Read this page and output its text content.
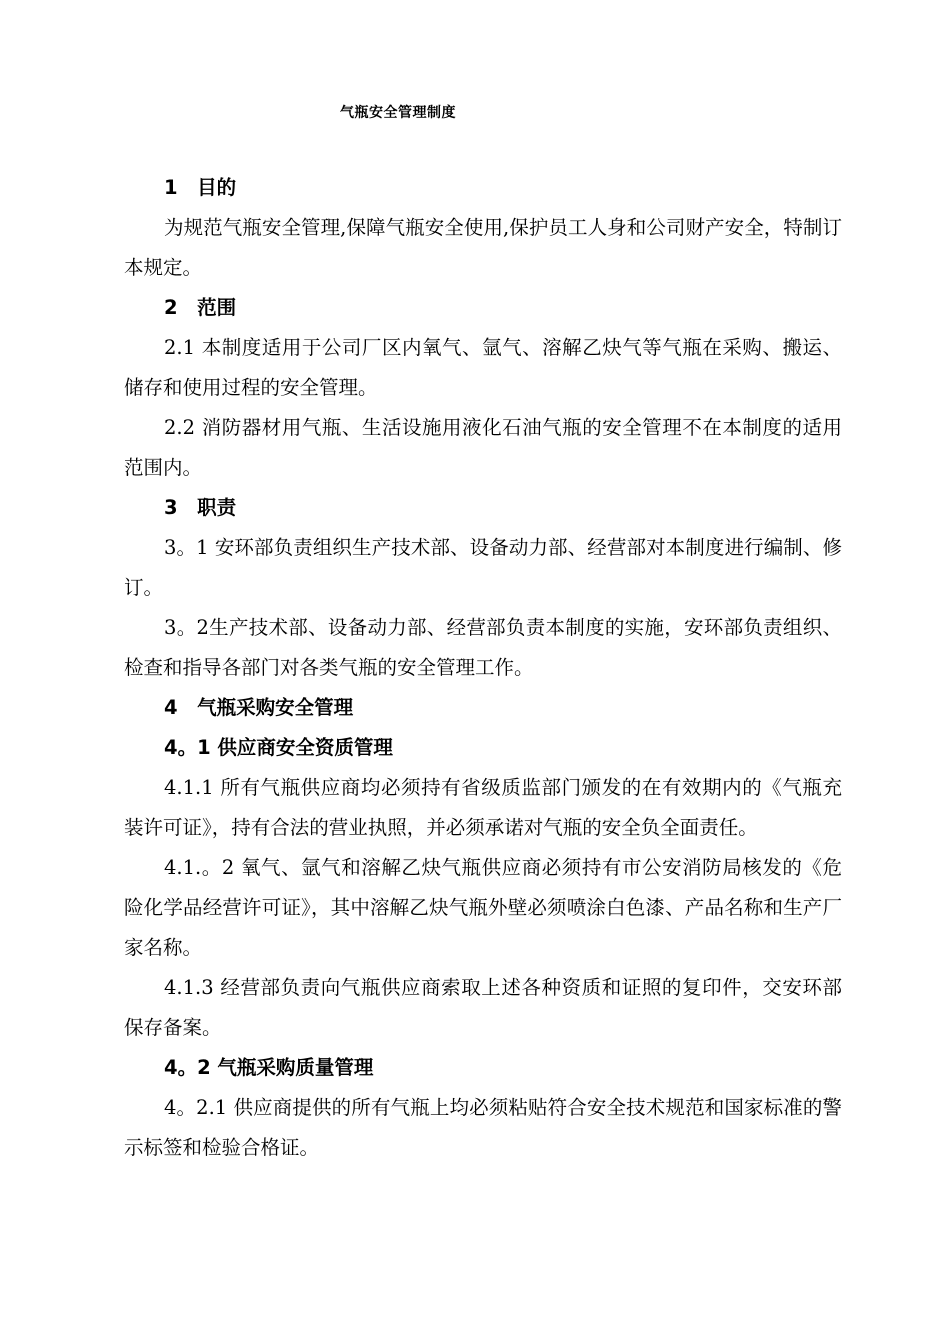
气瓶安全管理制度
1　目的

为规范气瓶安全管理,保障气瓶安全使用,保护员工人身和公司财产安全，特制订本规定。

2　范围

2.1 本制度适用于公司厂区内氧气、氩气、溶解乙炔气等气瓶在采购、搬运、储存和使用过程的安全管理。

2.2 消防器材用气瓶、生活设施用液化石油气瓶的安全管理不在本制度的适用范围内。

3　职责

3。1 安环部负责组织生产技术部、设备动力部、经营部对本制度进行编制、修订。

3。2生产技术部、设备动力部、经营部负责本制度的实施，安环部负责组织、检查和指导各部门对各类气瓶的安全管理工作。

4　气瓶采购安全管理
4。1 供应商安全资质管理

4.1.1 所有气瓶供应商均必须持有省级质监部门颁发的在有效期内的《气瓶充装许可证》，持有合法的营业执照，并必须承诺对气瓶的安全负全面责任。

4.1.。2 氧气、氩气和溶解乙炔气瓶供应商必须持有市公安消防局核发的《危险化学品经营许可证》，其中溶解乙炔气瓶外壁必须喷涂白色漆、产品名称和生产厂家名称。

4.1.3 经营部负责向气瓶供应商索取上述各种资质和证照的复印件，交安环部保存备案。

4。2 气瓶采购质量管理

4。2.1 供应商提供的所有气瓶上均必须粘贴符合安全技术规范和国家标准的警示标签和检验合格证。
